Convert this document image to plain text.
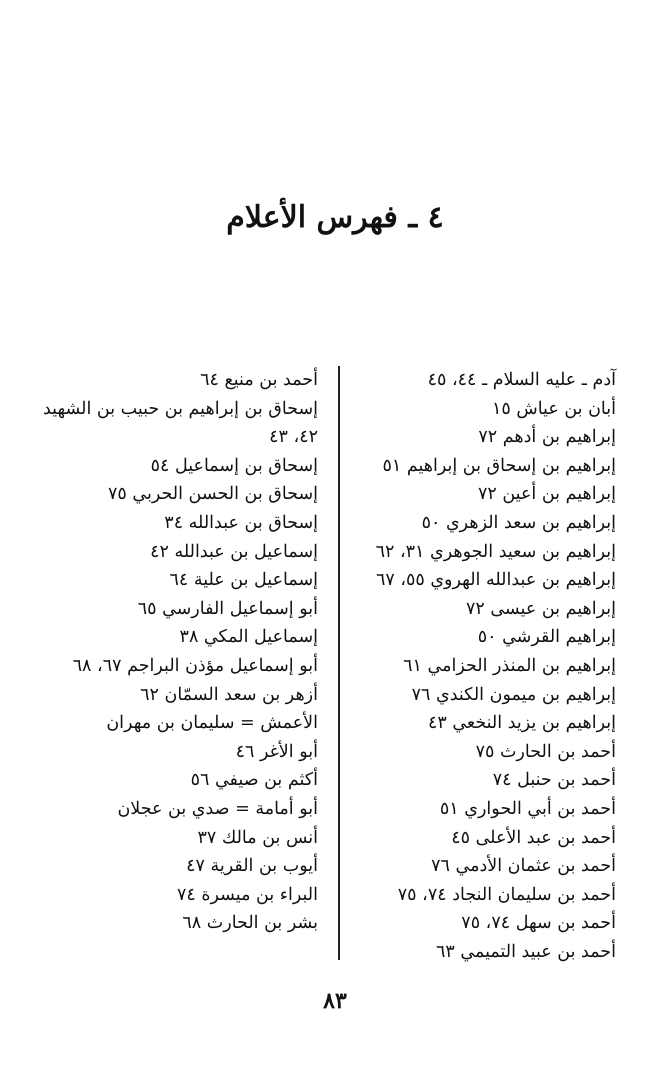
٤ ـ فهرس الأعلام
آدم ـ عليه السلام ـ ٤٤، ٤٥
أبان بن عياش ١٥
إبراهيم بن أدهم ٧٢
إبراهيم بن إسحاق بن إبراهيم ٥١
إبراهيم بن أعين ٧٢
إبراهيم بن سعد الزهري ٥٠
إبراهيم بن سعيد الجوهري ٣١، ٦٢
إبراهيم بن عبدالله الهروي ٥٥، ٦٧
إبراهيم بن عيسى ٧٢
إبراهيم القرشي ٥٠
إبراهيم بن المنذر الحزامي ٦١
إبراهيم بن ميمون الكندي ٧٦
إبراهيم بن يزيد النخعي ٤٣
أحمد بن الحارث ٧٥
أحمد بن حنبل ٧٤
أحمد بن أبي الحواري ٥١
أحمد بن عبد الأعلى ٤٥
أحمد بن عثمان الأدمي ٧٦
أحمد بن سليمان النجاد ٧٤، ٧٥
أحمد بن سهل ٧٤، ٧٥
أحمد بن عبيد التميمي ٦٣
أحمد بن منيع ٦٤
إسحاق بن إبراهيم بن حبيب بن الشهيد ٤٢، ٤٣
إسحاق بن إسماعيل ٥٤
إسحاق بن الحسن الحربي ٧٥
إسحاق بن عبدالله ٣٤
إسماعيل بن عبدالله ٤٢
إسماعيل بن علية ٦٤
أبو إسماعيل الفارسي ٦٥
إسماعيل المكي ٣٨
أبو إسماعيل مؤذن البراجم ٦٧، ٦٨
أزهر بن سعد السمّان ٦٢
الأعمش = سليمان بن مهران
أبو الأغر ٤٦
أكثم بن صيفي ٥٦
أبو أمامة = صدي بن عجلان
أنس بن مالك ٣٧
أيوب بن القرية ٤٧
البراء بن ميسرة ٧٤
بشر بن الحارث ٦٨
٨٣
